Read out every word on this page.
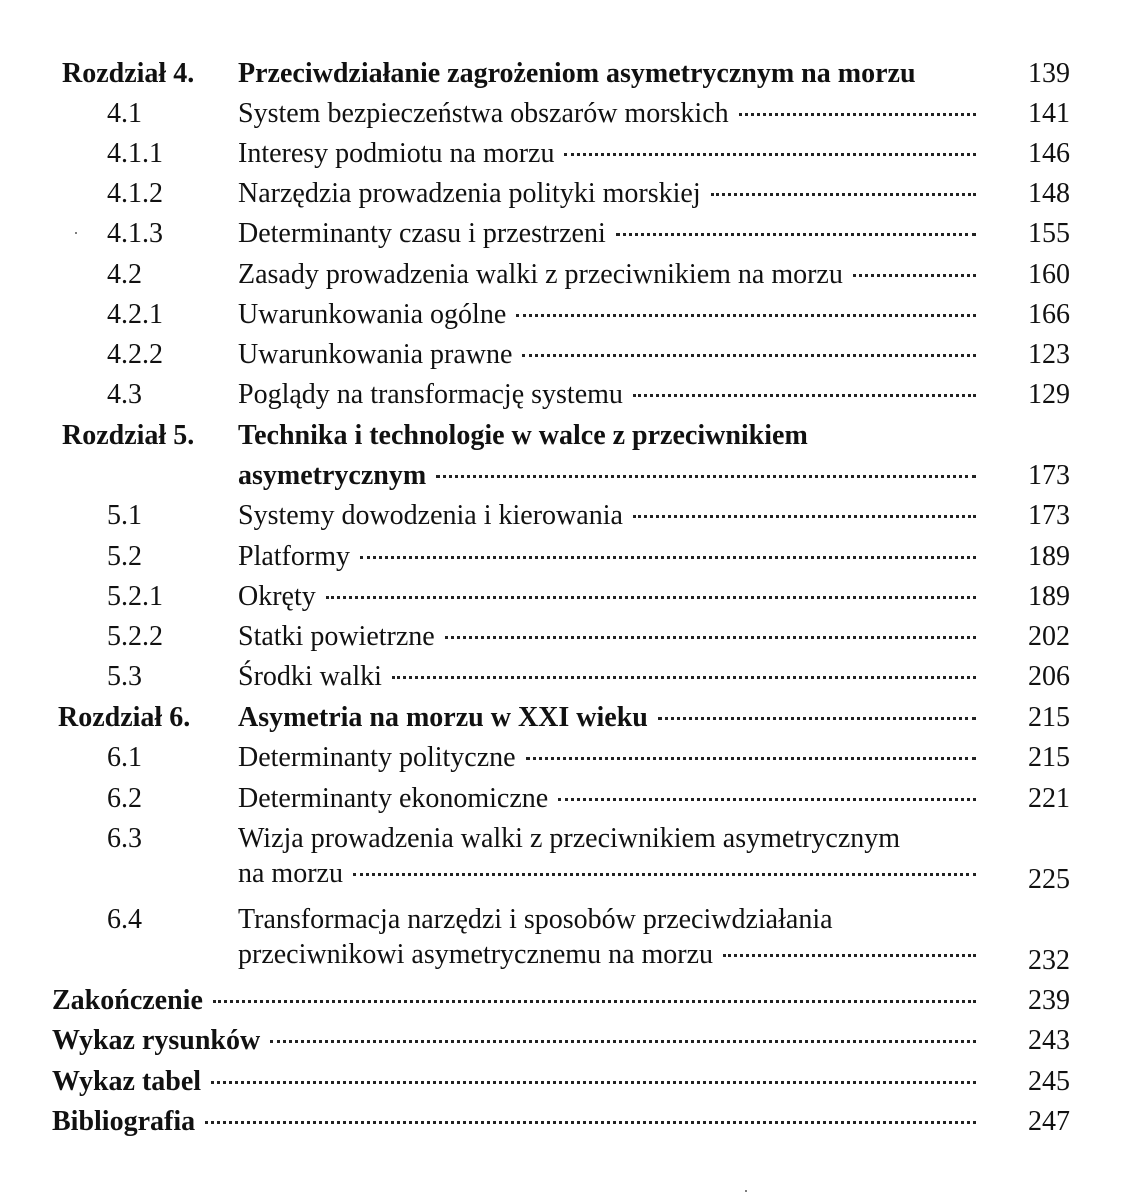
Rozdział 4. Przeciwdziałanie zagrożeniom asymetrycznym na morzu	139
4.1	System bezpieczeństwa obszarów morskich	141
4.1.1	Interesy podmiotu na morzu	146
4.1.2	Narzędzia prowadzenia polityki morskiej	148
4.1.3	Determinanty czasu i przestrzeni	155
4.2	Zasady prowadzenia walki z przeciwnikiem na morzu	160
4.2.1	Uwarunkowania ogólne	166
4.2.2	Uwarunkowania prawne	123
4.3	Poglądy na transformację systemu	129
Rozdział 5. Technika i technologie w walce z przeciwnikiem
asymetrycznym	173
5.1	Systemy dowodzenia i kierowania	173
5.2	Platformy	189
5.2.1	Okręty	189
5.2.2	Statki powietrzne	202
5.3	Środki walki	206
Rozdział 6. Asymetria na morzu w XXI wieku	215
6.1	Determinanty polityczne	215
6.2	Determinanty ekonomiczne	221
6.3	Wizja prowadzenia walki z przeciwnikiem asymetrycznym
na morzu	225
6.4	Transformacja narzędzi i sposobów przeciwdziałania
przeciwnikowi asymetrycznemu na morzu	232
Zakończenie	239
Wykaz rysunków	243
Wykaz tabel	245
Bibliografia	247
